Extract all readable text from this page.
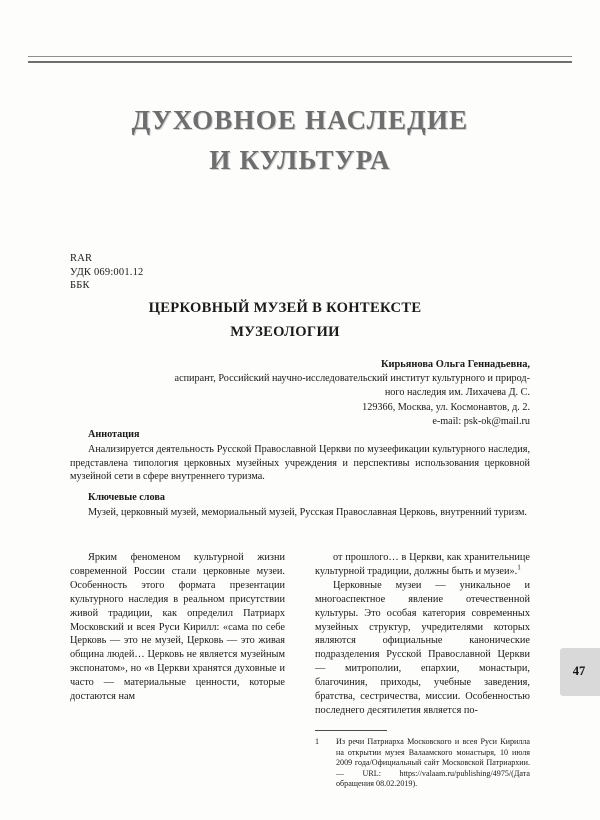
ДУХОВНОЕ НАСЛЕДИЕ
И КУЛЬТУРА
RAR
УДК 069:001.12
ББК
ЦЕРКОВНЫЙ МУЗЕЙ В КОНТЕКСТЕ
МУЗЕОЛОГИИ
Кирьянова Ольга Геннадьевна,
аспирант, Российский научно-исследовательский институт культурного и природ-
ного наследия им. Лихачева Д. С.
129366, Москва, ул. Космонавтов, д. 2.
e-mail: psk-ok@mail.ru
Аннотация
Анализируется деятельность Русской Православной Церкви по музеефикации культурного наследия, представлена типология церковных музейных учреждения и перспективы использования церковной музейной сети в сфере внутреннего туризма.
Ключевые слова
Музей, церковный музей, мемориальный музей, Русская Православная Церковь, внутренний туризм.

Ярким феноменом культурной жизни современной России стали церковные музеи. Особенность этого формата презентации культурного наследия в реальном присутствии живой традиции, как определил Патриарх Московский и всея Руси Кирилл: «сама по себе Церковь — это не музей, Церковь — это живая община людей… Церковь не является музейным экспонатом», но «в Церкви хранятся духовные и часто — материальные ценности, которые достаются нам

от прошлого… в Церкви, как хранительнице культурной традиции, должны быть и музеи».$^1$

Церковные музеи — уникальное и многоаспектное явление отечественной культуры. Это особая категория современных музейных структур, учредителями которых являются официальные канонические подразделения Русской Православной Церкви — митрополии, епархии, монастыри, благочиния, приходы, учебные заведения, братства, сестричества, миссии. Особенностью последнего десятилетия является по-

1	Из речи Патриарха Московского и всея Руси Кирилла на открытии музея Валаамского монастыря, 10 июля 2009 года/Официальный сайт Московской Патриархии. — URL: https://valaam.ru/publishing/4975/(Дата обращения 08.02.2019).
47
